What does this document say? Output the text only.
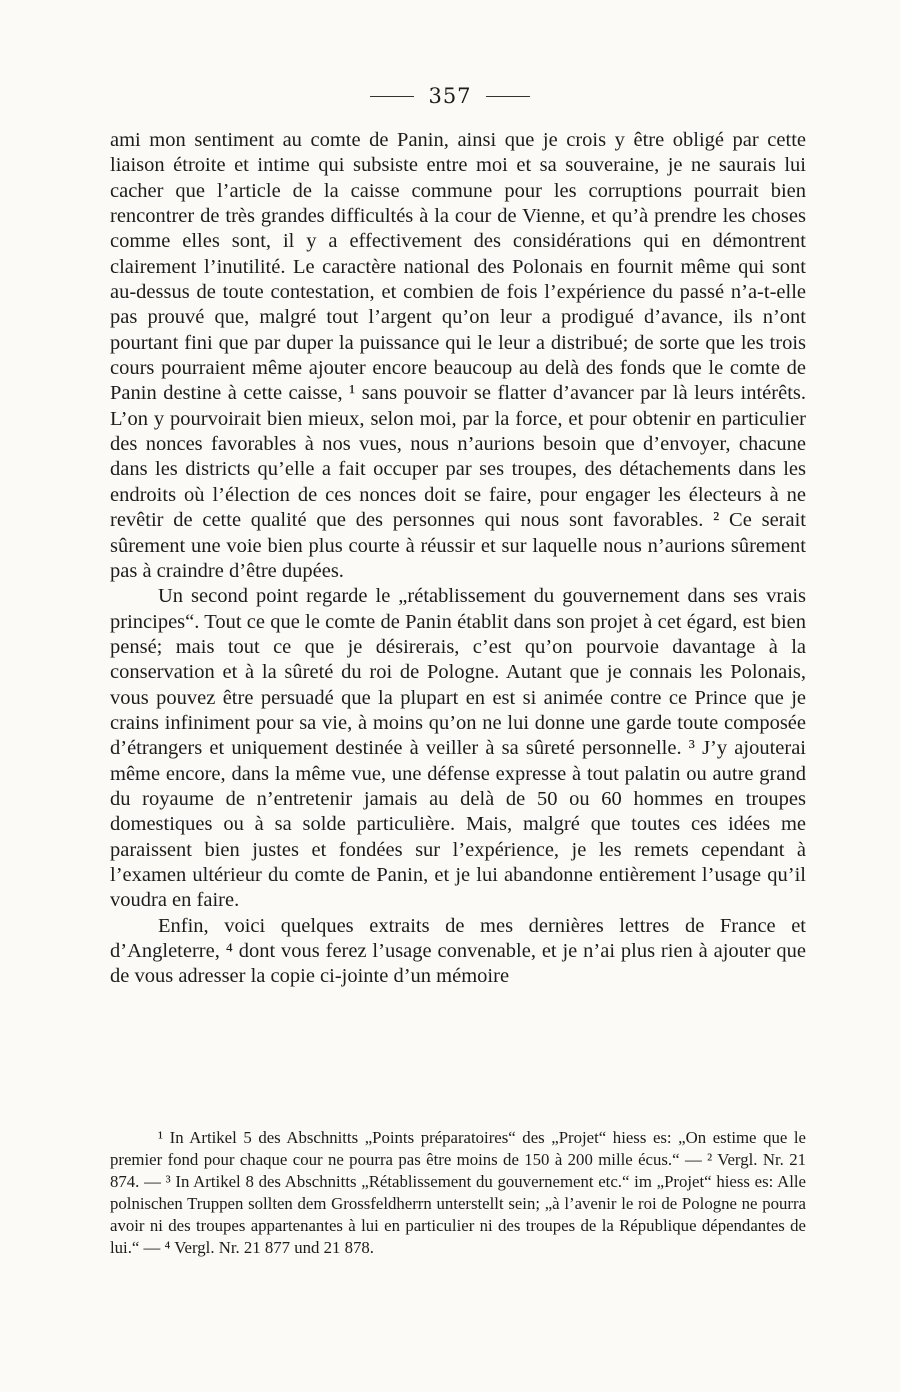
357

ami mon sentiment au comte de Panin, ainsi que je crois y être obligé par cette liaison étroite et intime qui subsiste entre moi et sa souveraine, je ne saurais lui cacher que l’article de la caisse commune pour les corruptions pourrait bien rencontrer de très grandes difficultés à la cour de Vienne, et qu’à prendre les choses comme elles sont, il y a effectivement des considérations qui en démontrent clairement l’inutilité. Le caractère national des Polonais en fournit même qui sont au-dessus de toute contestation, et combien de fois l’expérience du passé n’a-t-elle pas prouvé que, malgré tout l’argent qu’on leur a prodigué d’avance, ils n’ont pourtant fini que par duper la puissance qui le leur a distribué; de sorte que les trois cours pourraient même ajouter encore beaucoup au delà des fonds que le comte de Panin destine à cette caisse, ¹ sans pouvoir se flatter d’avancer par là leurs intérêts. L’on y pourvoirait bien mieux, selon moi, par la force, et pour obtenir en particulier des nonces favorables à nos vues, nous n’aurions besoin que d’envoyer, chacune dans les districts qu’elle a fait occuper par ses troupes, des détachements dans les endroits où l’élection de ces nonces doit se faire, pour engager les électeurs à ne revêtir de cette qualité que des personnes qui nous sont favorables. ² Ce serait sûrement une voie bien plus courte à réussir et sur laquelle nous n’aurions sûrement pas à craindre d’être dupées.

Un second point regarde le „rétablissement du gouvernement dans ses vrais principes“. Tout ce que le comte de Panin établit dans son projet à cet égard, est bien pensé; mais tout ce que je désirerais, c’est qu’on pourvoie davantage à la conservation et à la sûreté du roi de Pologne. Autant que je connais les Polonais, vous pouvez être persuadé que la plupart en est si animée contre ce Prince que je crains infiniment pour sa vie, à moins qu’on ne lui donne une garde toute composée d’étrangers et uniquement destinée à veiller à sa sûreté personnelle. ³ J’y ajouterai même encore, dans la même vue, une défense expresse à tout palatin ou autre grand du royaume de n’entretenir jamais au delà de 50 ou 60 hommes en troupes domestiques ou à sa solde particulière. Mais, malgré que toutes ces idées me paraissent bien justes et fondées sur l’expérience, je les remets cependant à l’examen ultérieur du comte de Panin, et je lui abandonne entièrement l’usage qu’il voudra en faire.

Enfin, voici quelques extraits de mes dernières lettres de France et d’Angleterre, ⁴ dont vous ferez l’usage convenable, et je n’ai plus rien à ajouter que de vous adresser la copie ci-jointe d’un mémoire

¹ In Artikel 5 des Abschnitts „Points préparatoires“ des „Projet“ hiess es: „On estime que le premier fond pour chaque cour ne pourra pas être moins de 150 à 200 mille écus.“ — ² Vergl. Nr. 21 874. — ³ In Artikel 8 des Abschnitts „Rétablissement du gouvernement etc.“ im „Projet“ hiess es: Alle polnischen Truppen sollten dem Grossfeldherrn unterstellt sein; „à l’avenir le roi de Pologne ne pourra avoir ni des troupes appartenantes à lui en particulier ni des troupes de la République dépendantes de lui.“ — ⁴ Vergl. Nr. 21 877 und 21 878.
